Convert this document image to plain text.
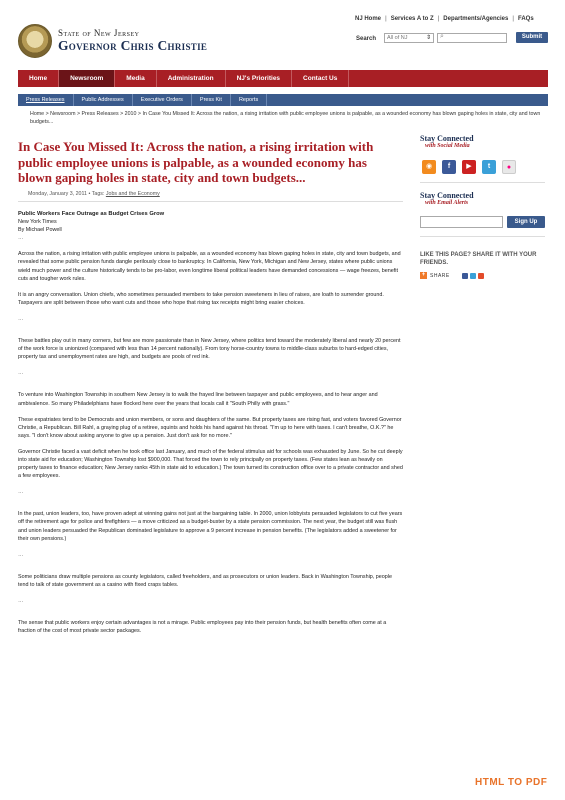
NJ Home | Services A to Z | Departments/Agencies | FAQs
State of New Jersey
Governor Chris Christie	Search	All of NJ	⇕ ⌕	Submit
Home	Newsroom	Media	Administration	NJ's Priorities	Contact Us
Press Releases	Public Addresses	Executive Orders	Press Kit	Reports
Home > Newsroom > Press Releases > 2010 > In Case You Missed It: Across the nation, a rising irritation with public employee unions is palpable, as a wounded economy has blown gaping holes in state, city and town budgets...
In Case You Missed It: Across the nation, a rising irritation with public employee unions is palpable, as a wounded economy has blown gaping holes in state, city and town budgets...
Monday, January 3, 2011 • Tags: Jobs and the Economy
Public Workers Face Outrage as Budget Crises Grow
New York Times
By Michael Powell
…

Across the nation, a rising irritation with public employee unions is palpable, as a wounded economy has blown gaping holes in state, city and town budgets, and revealed that some public pension funds dangle perilously close to bankruptcy. In California, New York, Michigan and New Jersey, states where public unions wield much power and the culture historically tends to be pro-labor, even longtime liberal political leaders have demanded concessions — wage freezes, benefit cuts and tougher work rules.

It is an angry conversation. Union chiefs, who sometimes persuaded members to take pension sweeteners in lieu of raises, are loath to surrender ground. Taxpayers are split between those who want cuts and those who hope that rising tax receipts might bring easier choices.

…

These battles play out in many corners, but few are more passionate than in New Jersey, where politics tend toward the moderately liberal and nearly 20 percent of the work force is unionized (compared with less than 14 percent nationally). From tony horse-country towns to middle-class suburbs to hard-edged cities, property tax and unemployment rates are high, and budgets are pools of red ink.

…

To venture into Washington Township in southern New Jersey is to walk the frayed line between taxpayer and public employees, and to hear anger and ambivalence. So many Philadelphians have flocked here over the years that locals call it "South Philly with grass."

These expatriates tend to be Democrats and union members, or sons and daughters of the same. But property taxes are rising fast, and voters favored Governor Christie, a Republican. Bill Rahl, a graying plug of a retiree, squints and holds his hand against his throat. "I'm up to here with taxes. I can't breathe, O.K.?" he says. "I don't know about asking anyone to give up a pension. Just don't ask for no more."

Governor Christie faced a vast deficit when he took office last January, and much of the federal stimulus aid for schools was exhausted by June. So he cut deeply into state aid for education; Washington Township lost $900,000. That forced the town to rely principally on property taxes. (Few states lean as heavily on property taxes to finance education; New Jersey ranks 45th in state aid to education.) The town turned its construction office over to a private contractor and shed a few employees.

…

In the past, union leaders, too, have proven adept at winning gains not just at the bargaining table. In 2000, union lobbyists persuaded legislators to cut five years off the retirement age for police and firefighters — a move criticized as a budget-buster by a state pension commission. The next year, the budget still was flush and union leaders persuaded the Republican dominated legislature to approve a 9 percent increase in pension benefits. (The legislators added a sweetener for their own pensions.)

…

Some politicians draw multiple pensions as county legislators, called freeholders, and as prosecutors or union leaders. Back in Washington Township, people tend to talk of state government as a casino with fixed craps tables.

…

The sense that public workers enjoy certain advantages is not a mirage. Public employees pay into their pension funds, but health benefits often come at a fraction of the cost of most private sector packages.

Stay Connected
with Social Media
◉	f	▶	t	●
Stay Connected
with Email Alerts
Sign Up
LIKE THIS PAGE? SHARE IT WITH YOUR FRIENDS.
+ SHARE
HTML TO PDF
